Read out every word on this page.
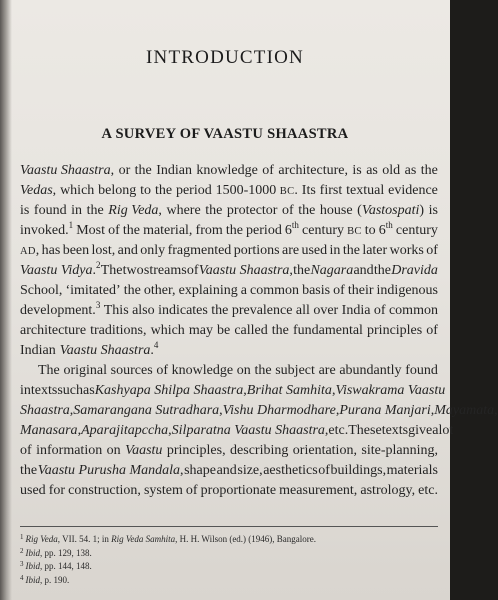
INTRODUCTION
A SURVEY OF VAASTU SHAASTRA
Vaastu Shaastra, or the Indian knowledge of architecture, is as old as the
Vedas, which belong to the period 1500-1000 BC. Its first textual evidence
is found in the Rig Veda, where the protector of the house (Vastospati) is
invoked.$^1$ Most of the material, from the period 6th century BC to 6th century
AD, has been lost, and only fragmented portions are used in the later works of
Vaastu Vidya.$^2$ The two streams of Vaastu Shaastra, the Nagara and the Dravida
School, ‘imitated’ the other, explaining a common basis of their indigenous
development.$^3$ This also indicates the prevalence all over India of common
architecture traditions, which may be called the fundamental principles of
Indian Vaastu Shaastra.$^4$
The original sources of knowledge on the subject are abundantly found
in texts such as Kashyapa Shilpa Shaastra, Brihat Samhita, Viswakrama Vaastu
Shaastra, Samarangana Sutradhara, Vishu Dharmodhare, Purana Manjari, Mayamata,
Manasara, Aparajitapccha, Silparatna Vaastu Shaastra, etc. These texts give a lot
of information on Vaastu principles, describing orientation, site-planning,
the Vaastu Purusha Mandala, shape and size, aesthetics of buildings, materials
used for construction, system of proportionate measurement, astrology, etc.
$^1$ Rig Veda, VII. 54. 1; in Rig Veda Samhita, H. H. Wilson (ed.) (1946), Bangalore.
$^2$ Ibid, pp. 129, 138.
$^3$ Ibid, pp. 144, 148.
$^4$ Ibid, p. 190.
